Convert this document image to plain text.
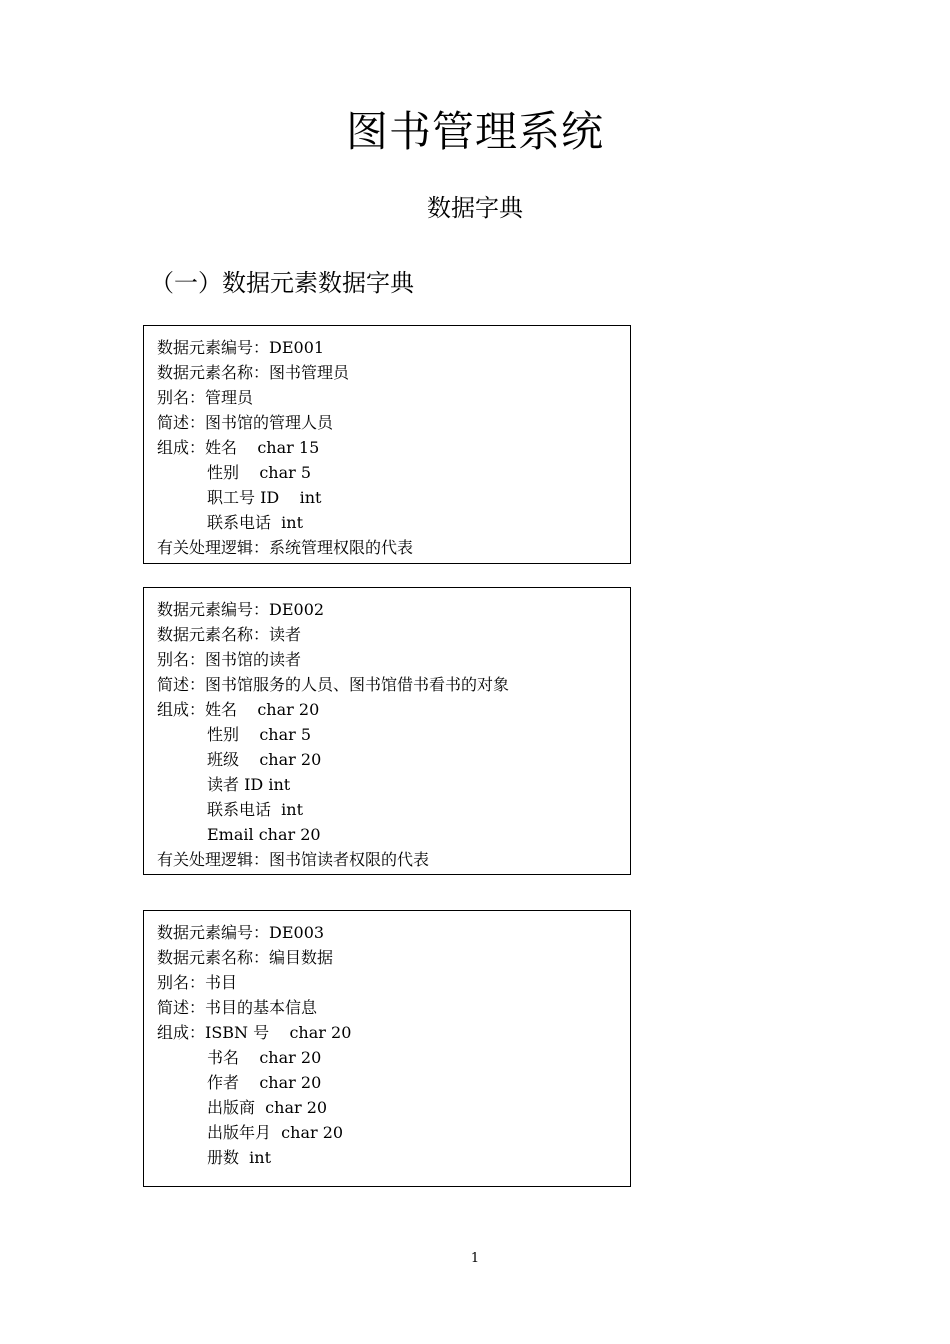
图书管理系统
数据字典
（一）数据元素数据字典
数据元素编号：DE001
数据元素名称：图书管理员
别名：管理员
简述：图书馆的管理人员
组成：姓名    char 15
性别    char 5
职工号 ID    int
联系电话  int
有关处理逻辑：系统管理权限的代表
数据元素编号：DE002
数据元素名称：读者
别名：图书馆的读者
简述：图书馆服务的人员、图书馆借书看书的对象
组成：姓名    char 20
性别    char 5
班级    char 20
读者 ID int
联系电话  int
Email char 20
有关处理逻辑：图书馆读者权限的代表
数据元素编号：DE003
数据元素名称：编目数据
别名：书目
简述：书目的基本信息
组成：ISBN 号    char 20
书名    char 20
作者    char 20
出版商  char 20
出版年月  char 20
册数  int
1
